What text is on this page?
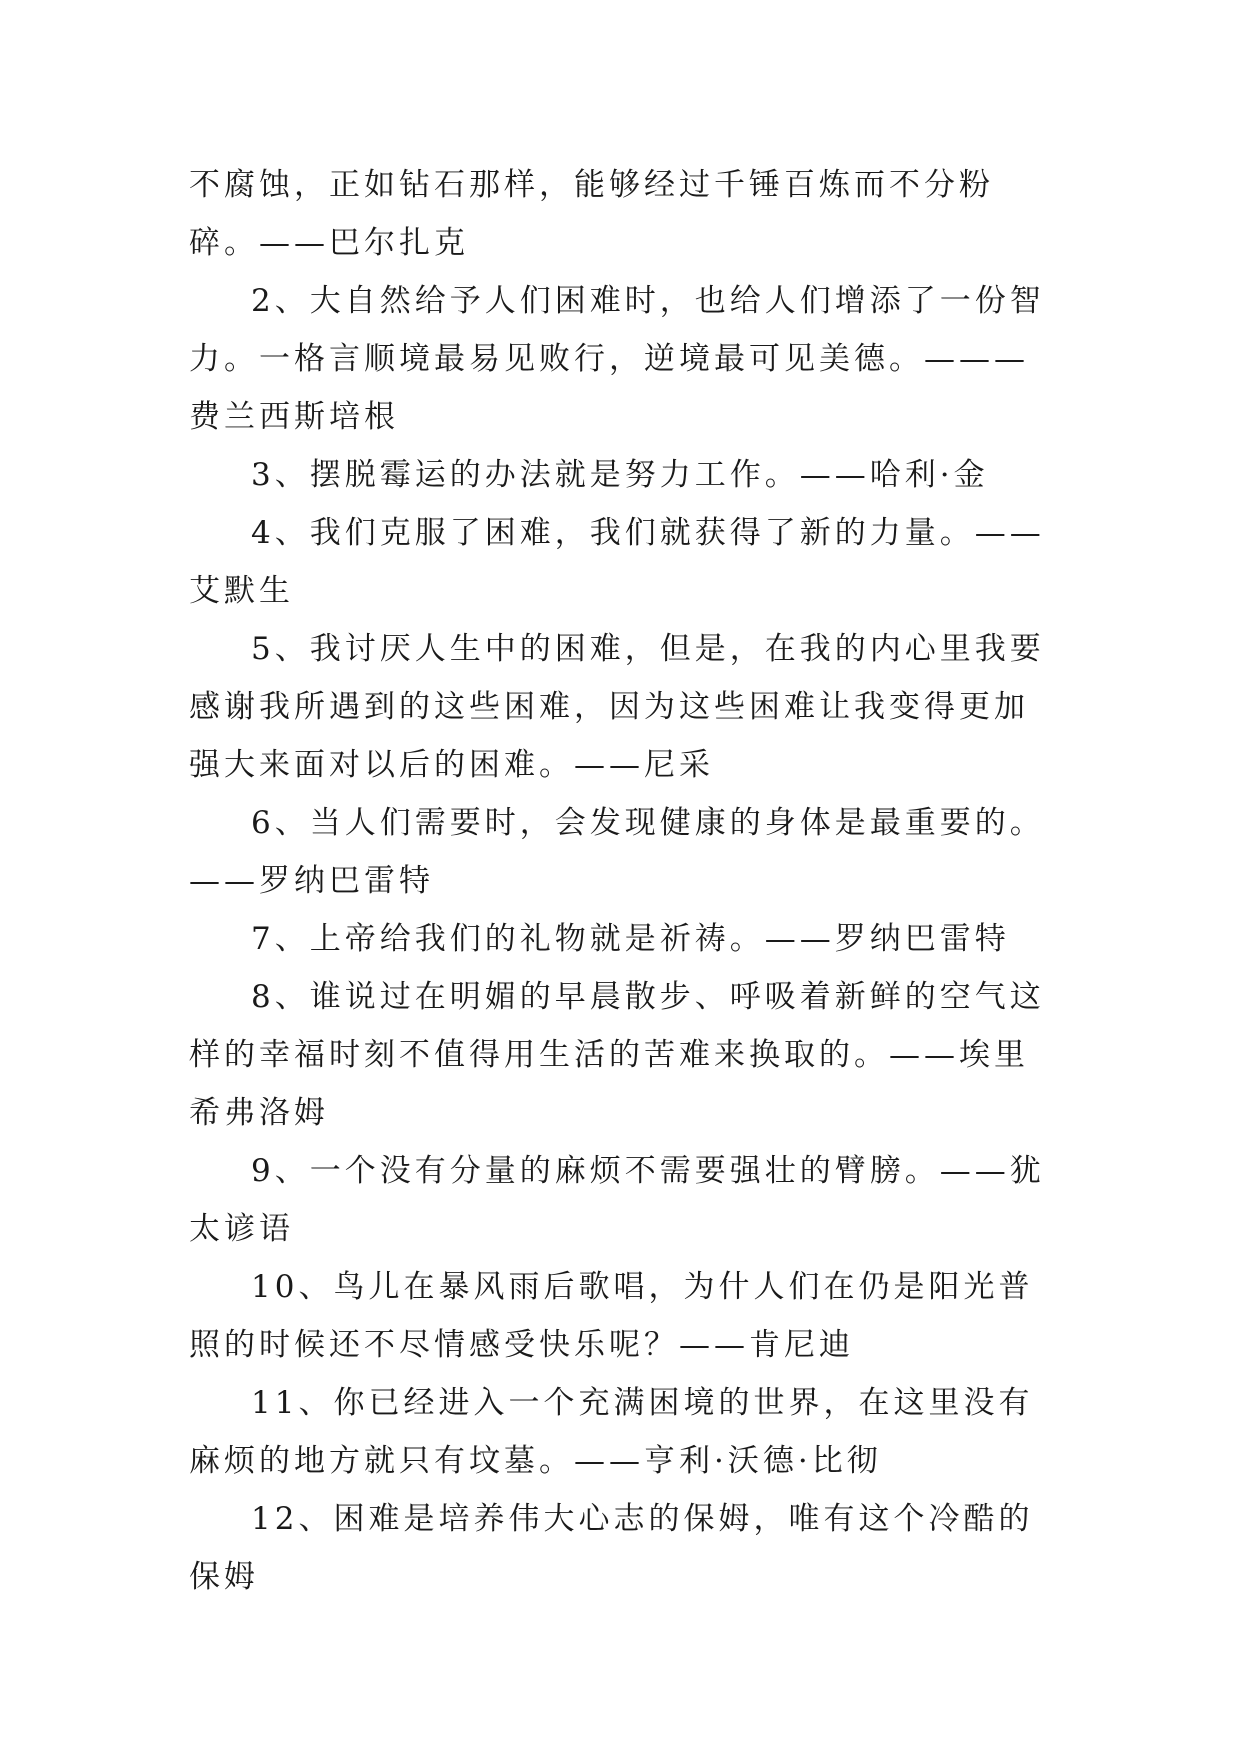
不腐蚀，正如钻石那样，能够经过千锤百炼而不分粉碎。——巴尔扎克

2、大自然给予人们困难时，也给人们增添了一份智力。一格言顺境最易见败行，逆境最可见美德。———费兰西斯培根

3、摆脱霉运的办法就是努力工作。——哈利·金

4、我们克服了困难，我们就获得了新的力量。——艾默生

5、我讨厌人生中的困难，但是，在我的内心里我要感谢我所遇到的这些困难，因为这些困难让我变得更加强大来面对以后的困难。——尼采

6、当人们需要时，会发现健康的身体是最重要的。——罗纳巴雷特

7、上帝给我们的礼物就是祈祷。——罗纳巴雷特

8、谁说过在明媚的早晨散步、呼吸着新鲜的空气这样的幸福时刻不值得用生活的苦难来换取的。——埃里希弗洛姆

9、一个没有分量的麻烦不需要强壮的臂膀。——犹太谚语

10、鸟儿在暴风雨后歌唱，为什人们在仍是阳光普照的时候还不尽情感受快乐呢？——肯尼迪

11、你已经进入一个充满困境的世界，在这里没有麻烦的地方就只有坟墓。——亨利·沃德·比彻

12、困难是培养伟大心志的保姆，唯有这个冷酷的保姆
